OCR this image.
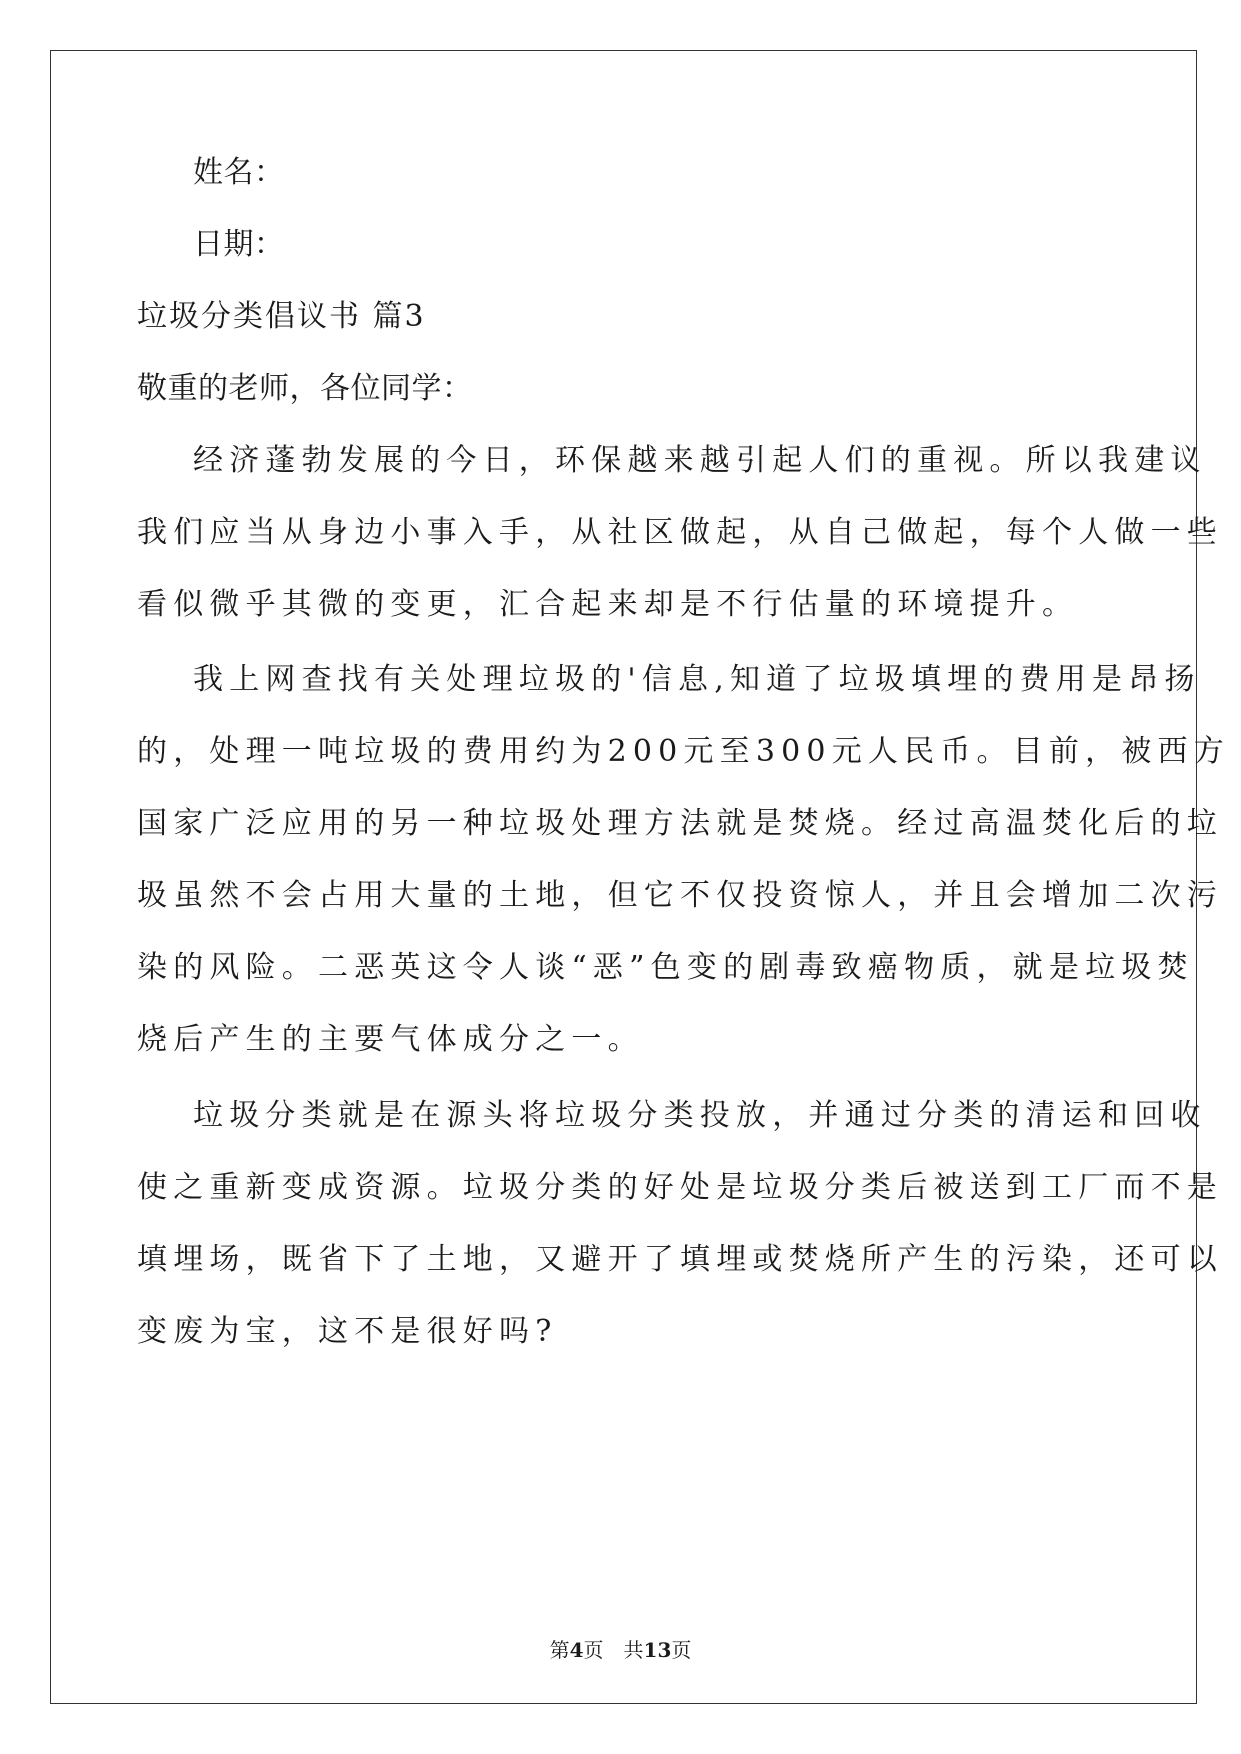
姓名：
日期：
垃圾分类倡议书 篇3
敬重的老师，各位同学：
经济蓬勃发展的今日，环保越来越引起人们的重视。所以我建议
我们应当从身边小事入手，从社区做起，从自己做起，每个人做一些
看似微乎其微的变更，汇合起来却是不行估量的环境提升。
我上网查找有关处理垃圾的'信息,知道了垃圾填埋的费用是昂扬
的，处理一吨垃圾的费用约为200元至300元人民币。目前，被西方
国家广泛应用的另一种垃圾处理方法就是焚烧。经过高温焚化后的垃
圾虽然不会占用大量的土地，但它不仅投资惊人，并且会增加二次污
染的风险。二恶英这令人谈“恶”色变的剧毒致癌物质，就是垃圾焚
烧后产生的主要气体成分之一。
垃圾分类就是在源头将垃圾分类投放，并通过分类的清运和回收
使之重新变成资源。垃圾分类的好处是垃圾分类后被送到工厂而不是
填埋场，既省下了土地，又避开了填埋或焚烧所产生的污染，还可以
变废为宝，这不是很好吗?
第4页　共13页
